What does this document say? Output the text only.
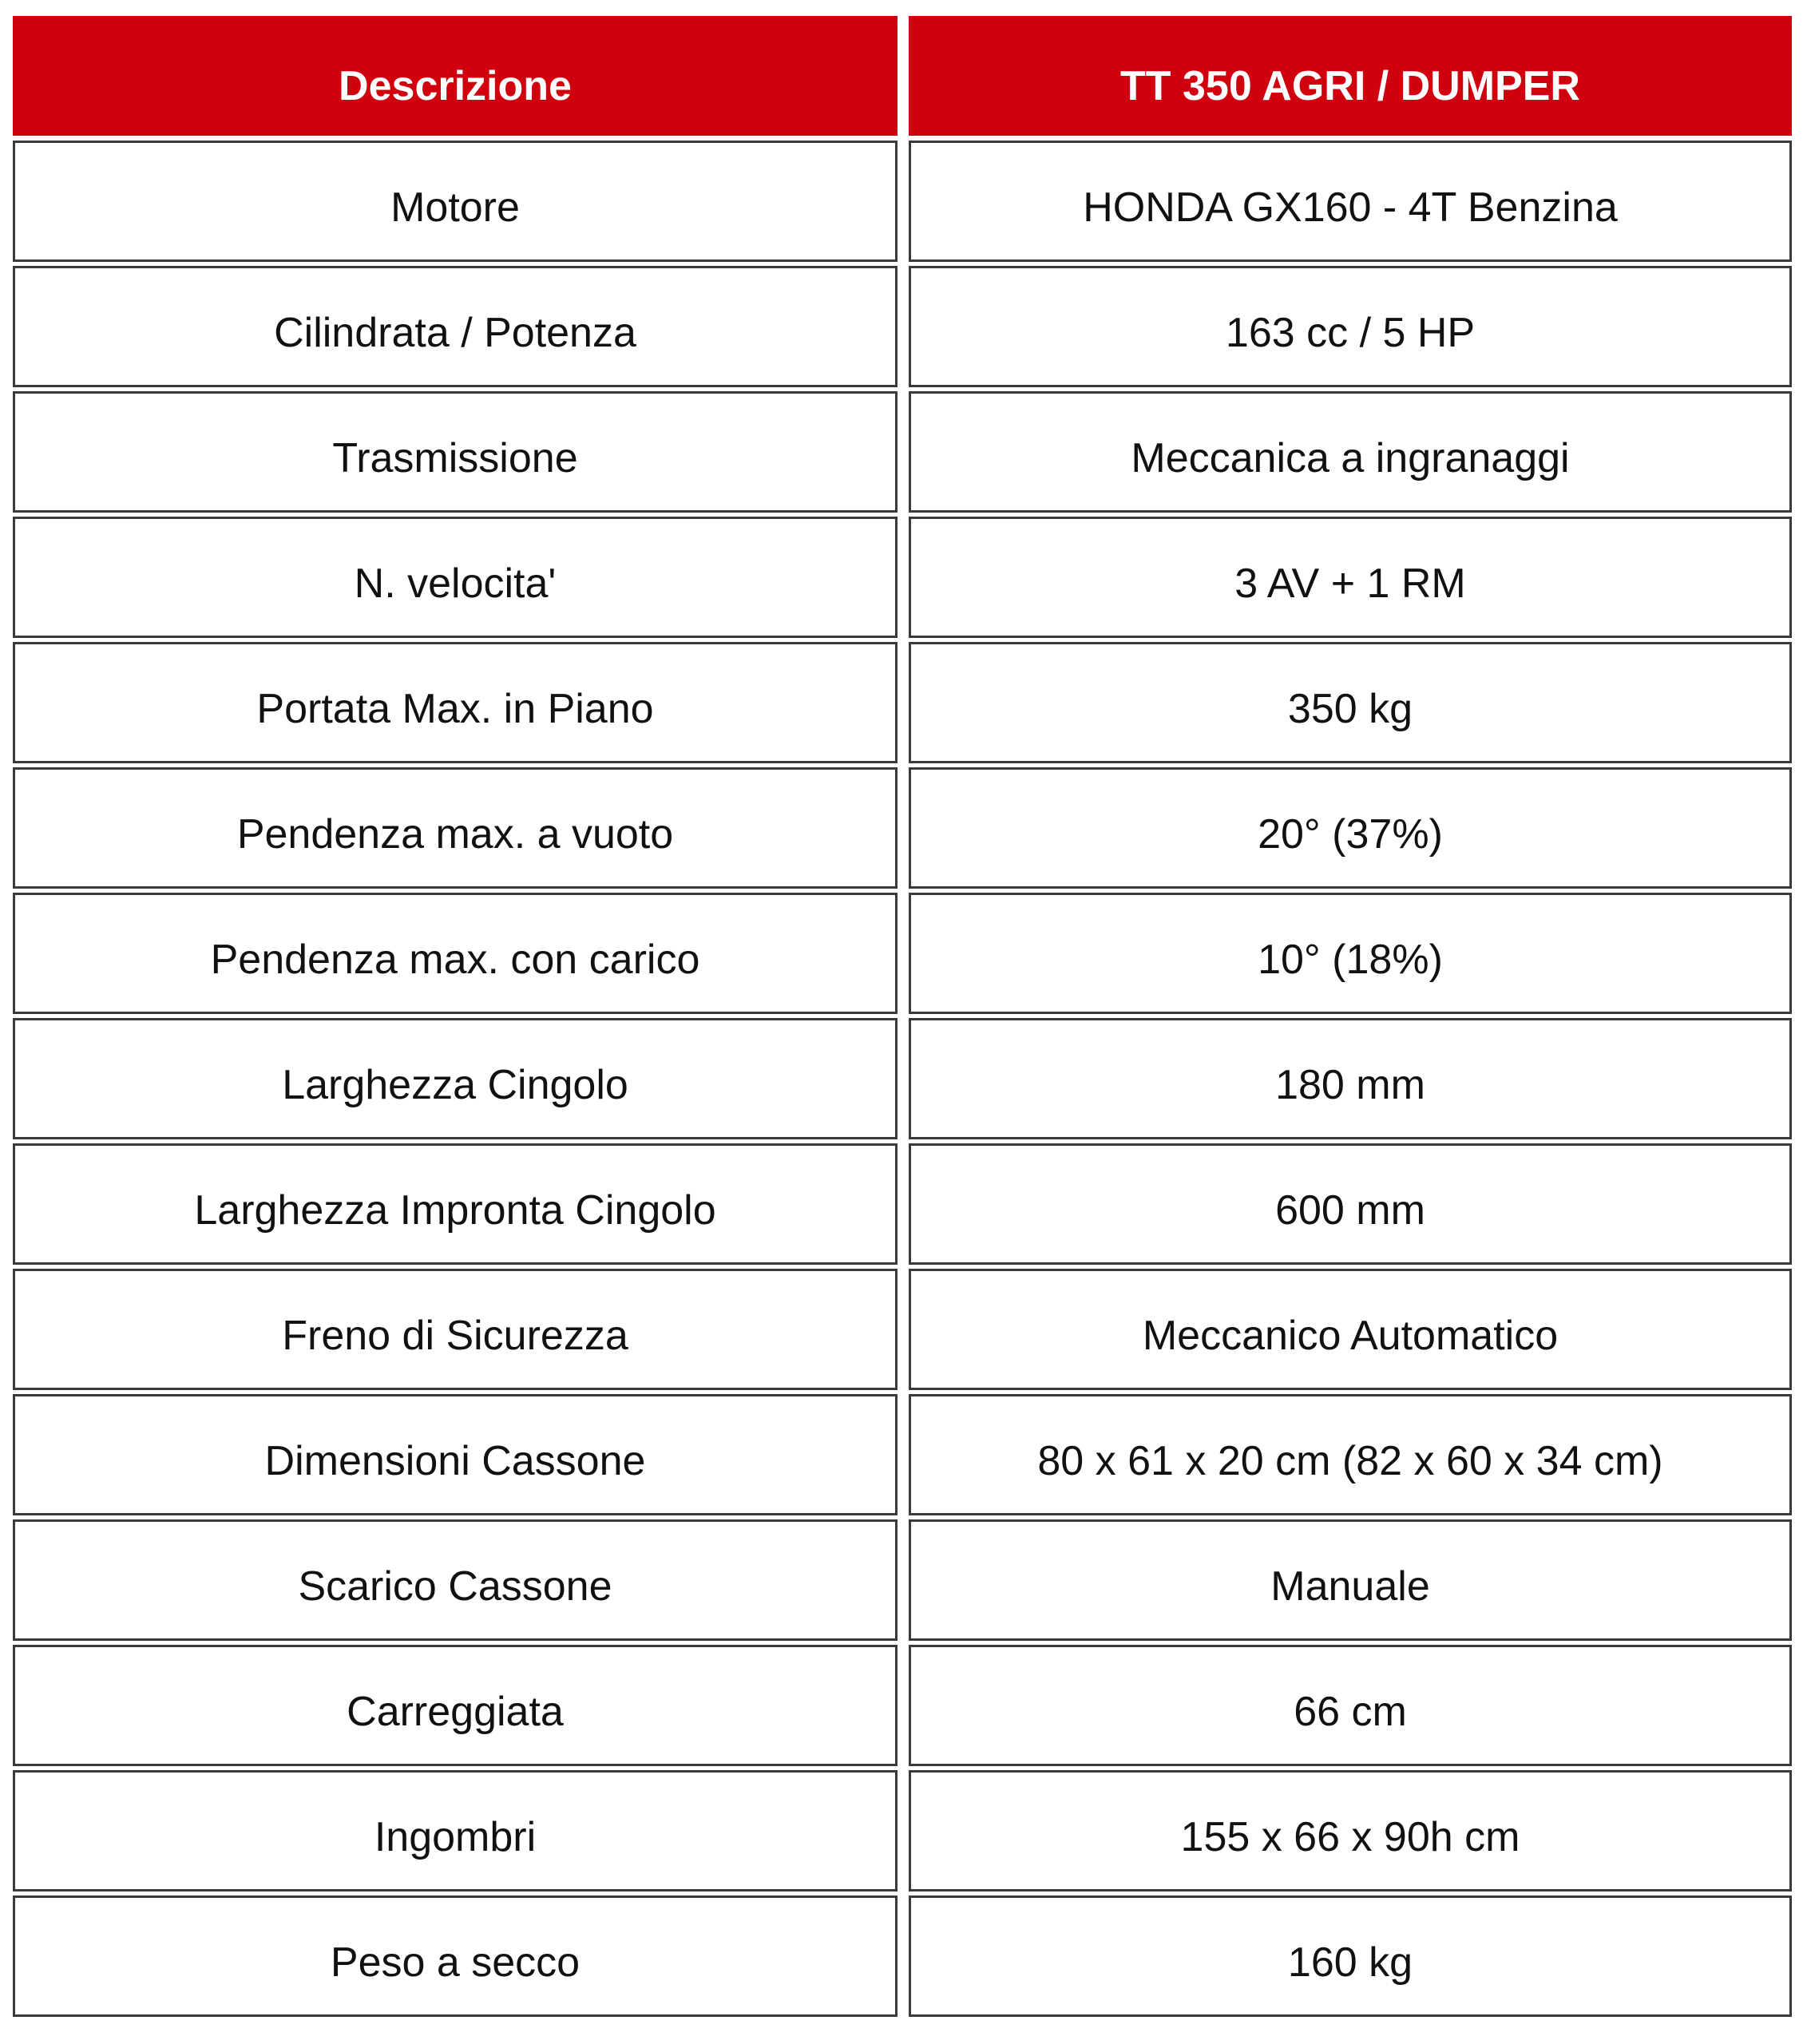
Descrizione	TT 350 AGRI / DUMPER
Motore	HONDA GX160 - 4T Benzina
Cilindrata / Potenza	163 cc / 5 HP
Trasmissione	Meccanica a ingranaggi
N. velocita'	3 AV + 1 RM
Portata Max. in Piano	350 kg
Pendenza max. a vuoto	20° (37%)
Pendenza max. con carico	10° (18%)
Larghezza Cingolo	180 mm
Larghezza Impronta Cingolo	600 mm
Freno di Sicurezza	Meccanico Automatico
Dimensioni Cassone	80 x 61 x 20 cm (82 x 60 x 34 cm)
Scarico Cassone	Manuale
Carreggiata	66 cm
Ingombri	155 x 66 x 90h cm
Peso a secco	160 kg
